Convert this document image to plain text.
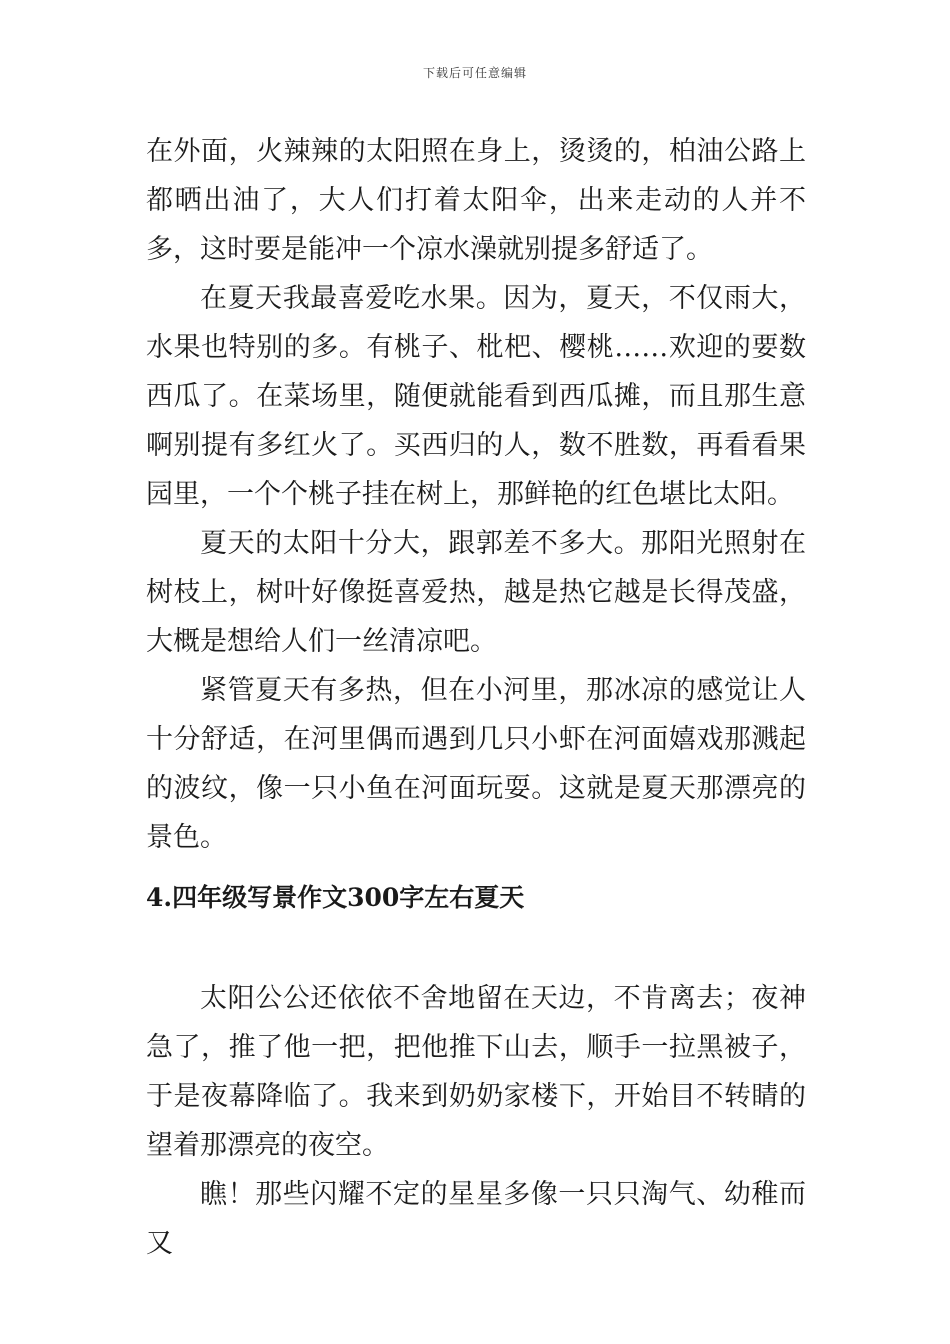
下载后可任意编辑

在外面，火辣辣的太阳照在身上，烫烫的，柏油公路上都晒出油了，大人们打着太阳伞，出来走动的人并不多，这时要是能冲一个凉水澡就别提多舒适了。

在夏天我最喜爱吃水果。因为，夏天，不仅雨大，水果也特别的多。有桃子、枇杷、樱桃……欢迎的要数西瓜了。在菜场里，随便就能看到西瓜摊，而且那生意啊别提有多红火了。买西归的人，数不胜数，再看看果园里，一个个桃子挂在树上，那鲜艳的红色堪比太阳。

夏天的太阳十分大，跟郭差不多大。那阳光照射在树枝上，树叶好像挺喜爱热，越是热它越是长得茂盛，大概是想给人们一丝清凉吧。

紧管夏天有多热，但在小河里，那冰凉的感觉让人十分舒适，在河里偶而遇到几只小虾在河面嬉戏那溅起的波纹，像一只小鱼在河面玩耍。这就是夏天那漂亮的景色。

4.四年级写景作文300字左右夏天

太阳公公还依依不舍地留在天边，不肯离去；夜神急了，推了他一把，把他推下山去，顺手一拉黑被子，于是夜幕降临了。我来到奶奶家楼下，开始目不转睛的望着那漂亮的夜空。

瞧！那些闪耀不定的星星多像一只只淘气、幼稚而又
